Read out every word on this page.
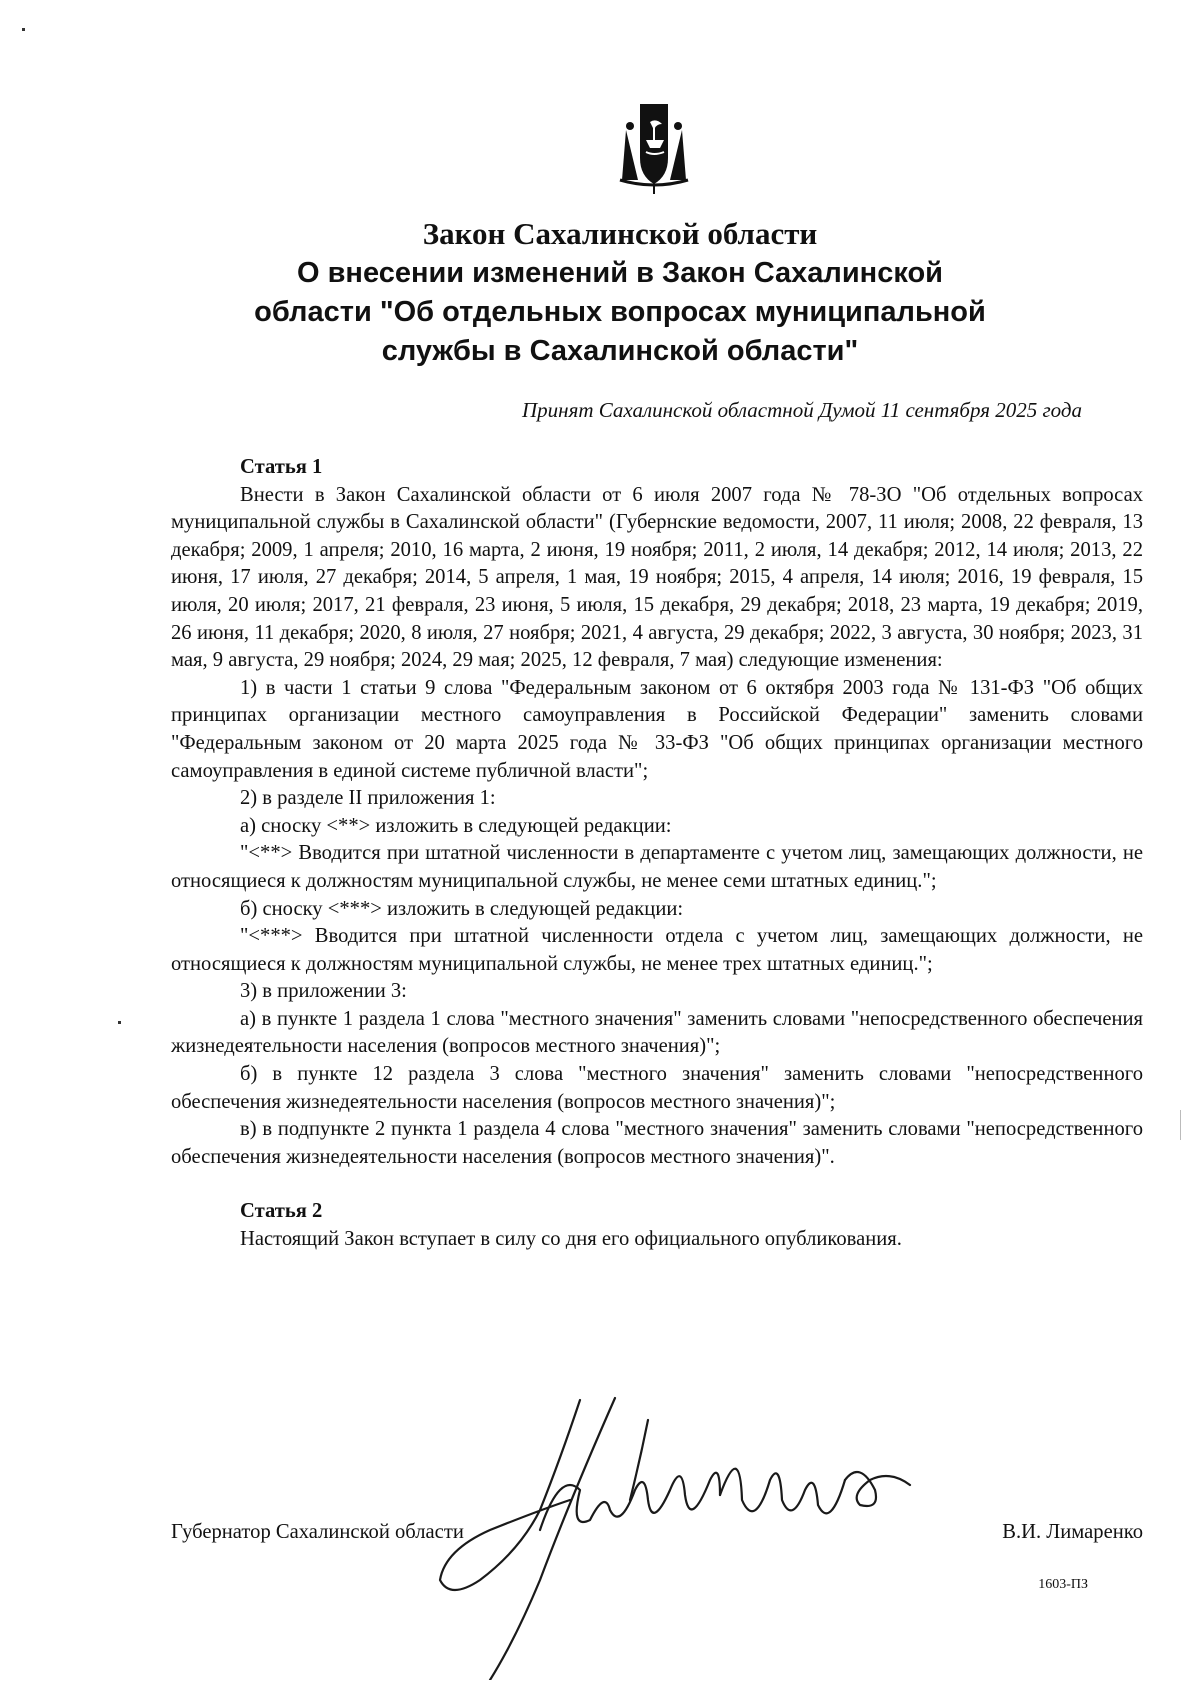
Закон Сахалинской области

О внесении изменений в Закон Сахалинской

области "Об отдельных вопросах муниципальной

службы в Сахалинской области"

Принят Сахалинской областной Думой 11 сентября 2025 года

Статья 1

Внести в Закон Сахалинской области от 6 июля 2007 года № 78-ЗО "Об отдельных вопросах муниципальной службы в Сахалинской области" (Губернские ведомости, 2007, 11 июля; 2008, 22 февраля, 13 декабря; 2009, 1 апреля; 2010, 16 марта, 2 июня, 19 ноября; 2011, 2 июля, 14 декабря; 2012, 14 июля; 2013, 22 июня, 17 июля, 27 декабря; 2014, 5 апреля, 1 мая, 19 ноября; 2015, 4 апреля, 14 июля; 2016, 19 февраля, 15 июля, 20 июля; 2017, 21 февраля, 23 июня, 5 июля, 15 декабря, 29 декабря; 2018, 23 марта, 19 декабря; 2019, 26 июня, 11 декабря; 2020, 8 июля, 27 ноября; 2021, 4 августа, 29 декабря; 2022, 3 августа, 30 ноября; 2023, 31 мая, 9 августа, 29 ноября; 2024, 29 мая; 2025, 12 февраля, 7 мая) следующие изменения:

1) в части 1 статьи 9 слова "Федеральным законом от 6 октября 2003 года № 131-ФЗ "Об общих принципах организации местного самоуправления в Российской Федерации" заменить словами "Федеральным законом от 20 марта 2025 года № 33-ФЗ "Об общих принципах организации местного самоуправления в единой системе публичной власти";

2) в разделе II приложения 1:

а) сноску <**> изложить в следующей редакции:

"<**> Вводится при штатной численности в департаменте с учетом лиц, замещающих должности, не относящиеся к должностям муниципальной службы, не менее семи штатных единиц.";

б) сноску <***> изложить в следующей редакции:

"<***> Вводится при штатной численности отдела с учетом лиц, замещающих должности, не относящиеся к должностям муниципальной службы, не менее трех штатных единиц.";

3) в приложении 3:

а) в пункте 1 раздела 1 слова "местного значения" заменить словами "непосредственного обеспечения жизнедеятельности населения (вопросов местного значения)";

б) в пункте 12 раздела 3 слова "местного значения" заменить словами "непосредственного обеспечения жизнедеятельности населения (вопросов местного значения)";

в) в подпункте 2 пункта 1 раздела 4 слова "местного значения" заменить словами "непосредственного обеспечения жизнедеятельности населения (вопросов местного значения)".

Статья 2

Настоящий Закон вступает в силу со дня его официального опубликования.

Губернатор Сахалинской области	В.И. Лимаренко
1603-ПЗ
